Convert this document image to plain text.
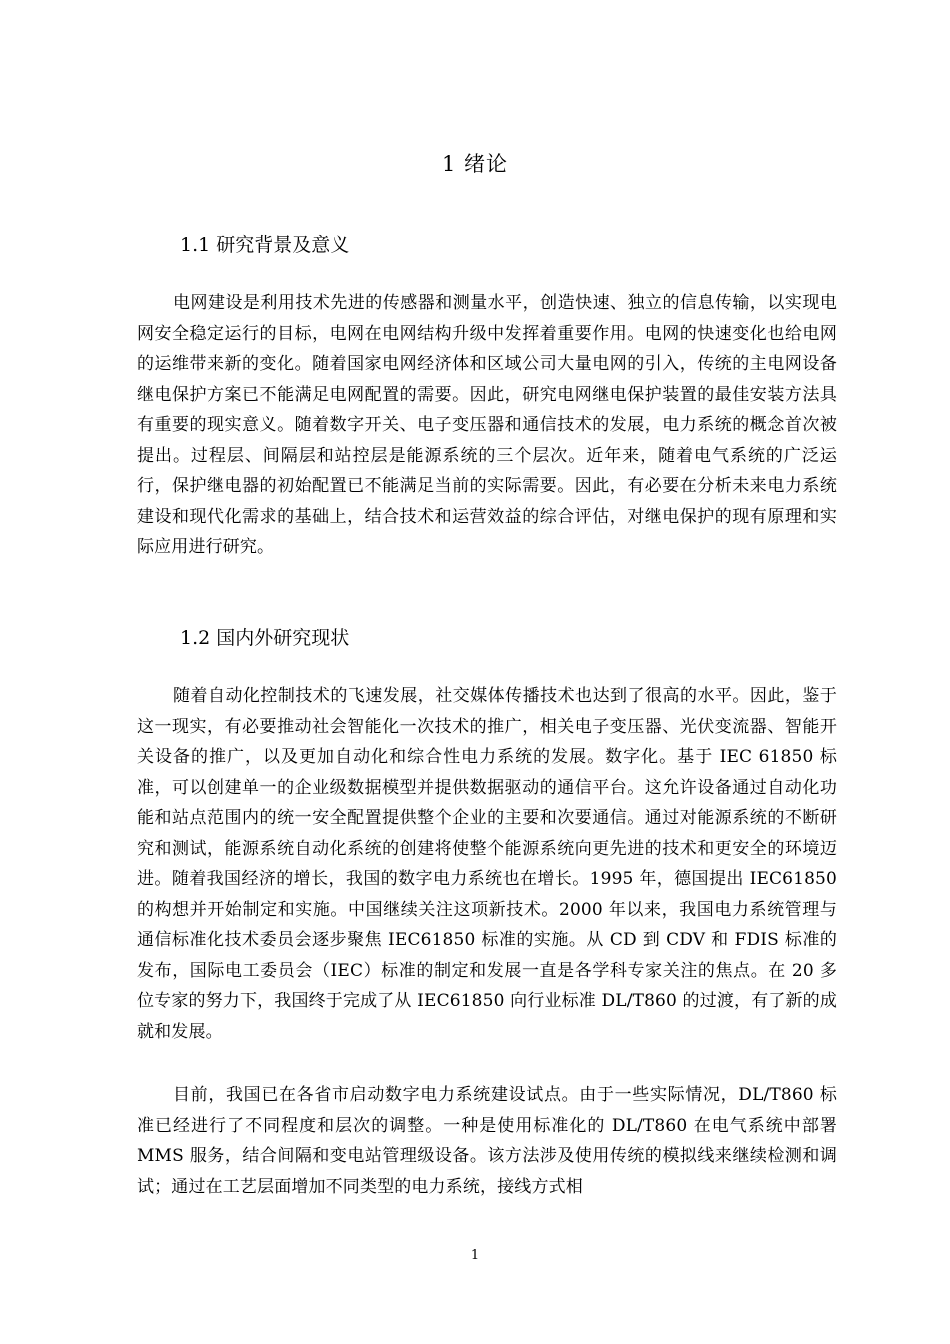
1 绪论
1.1 研究背景及意义

电网建设是利用技术先进的传感器和测量水平，创造快速、独立的信息传输，以实现电网安全稳定运行的目标，电网在电网结构升级中发挥着重要作用。电网的快速变化也给电网的运维带来新的变化。随着国家电网经济体和区域公司大量电网的引入，传统的主电网设备继电保护方案已不能满足电网配置的需要。因此，研究电网继电保护装置的最佳安装方法具有重要的现实意义。随着数字开关、电子变压器和通信技术的发展，电力系统的概念首次被提出。过程层、间隔层和站控层是能源系统的三个层次。近年来，随着电气系统的广泛运行，保护继电器的初始配置已不能满足当前的实际需要。因此，有必要在分析未来电力系统建设和现代化需求的基础上，结合技术和运营效益的综合评估，对继电保护的现有原理和实际应用进行研究。

1.2 国内外研究现状

随着自动化控制技术的飞速发展，社交媒体传播技术也达到了很高的水平。因此，鉴于这一现实，有必要推动社会智能化一次技术的推广，相关电子变压器、光伏变流器、智能开关设备的推广，以及更加自动化和综合性电力系统的发展。数字化。基于 IEC 61850 标准，可以创建单一的企业级数据模型并提供数据驱动的通信平台。这允许设备通过自动化功能和站点范围内的统一安全配置提供整个企业的主要和次要通信。通过对能源系统的不断研究和测试，能源系统自动化系统的创建将使整个能源系统向更先进的技术和更安全的环境迈进。随着我国经济的增长，我国的数字电力系统也在增长。1995 年，德国提出 IEC61850 的构想并开始制定和实施。中国继续关注这项新技术。2000 年以来，我国电力系统管理与通信标准化技术委员会逐步聚焦 IEC61850 标准的实施。从 CD 到 CDV 和 FDIS 标准的发布，国际电工委员会（IEC）标准的制定和发展一直是各学科专家关注的焦点。在 20 多位专家的努力下，我国终于完成了从 IEC61850 向行业标准 DL/T860 的过渡，有了新的成就和发展。

目前，我国已在各省市启动数字电力系统建设试点。由于一些实际情况，DL/T860 标准已经进行了不同程度和层次的调整。一种是使用标准化的 DL/T860 在电气系统中部署 MMS 服务，结合间隔和变电站管理级设备。该方法涉及使用传统的模拟线来继续检测和调试；通过在工艺层面增加不同类型的电力系统，接线方式相

1
